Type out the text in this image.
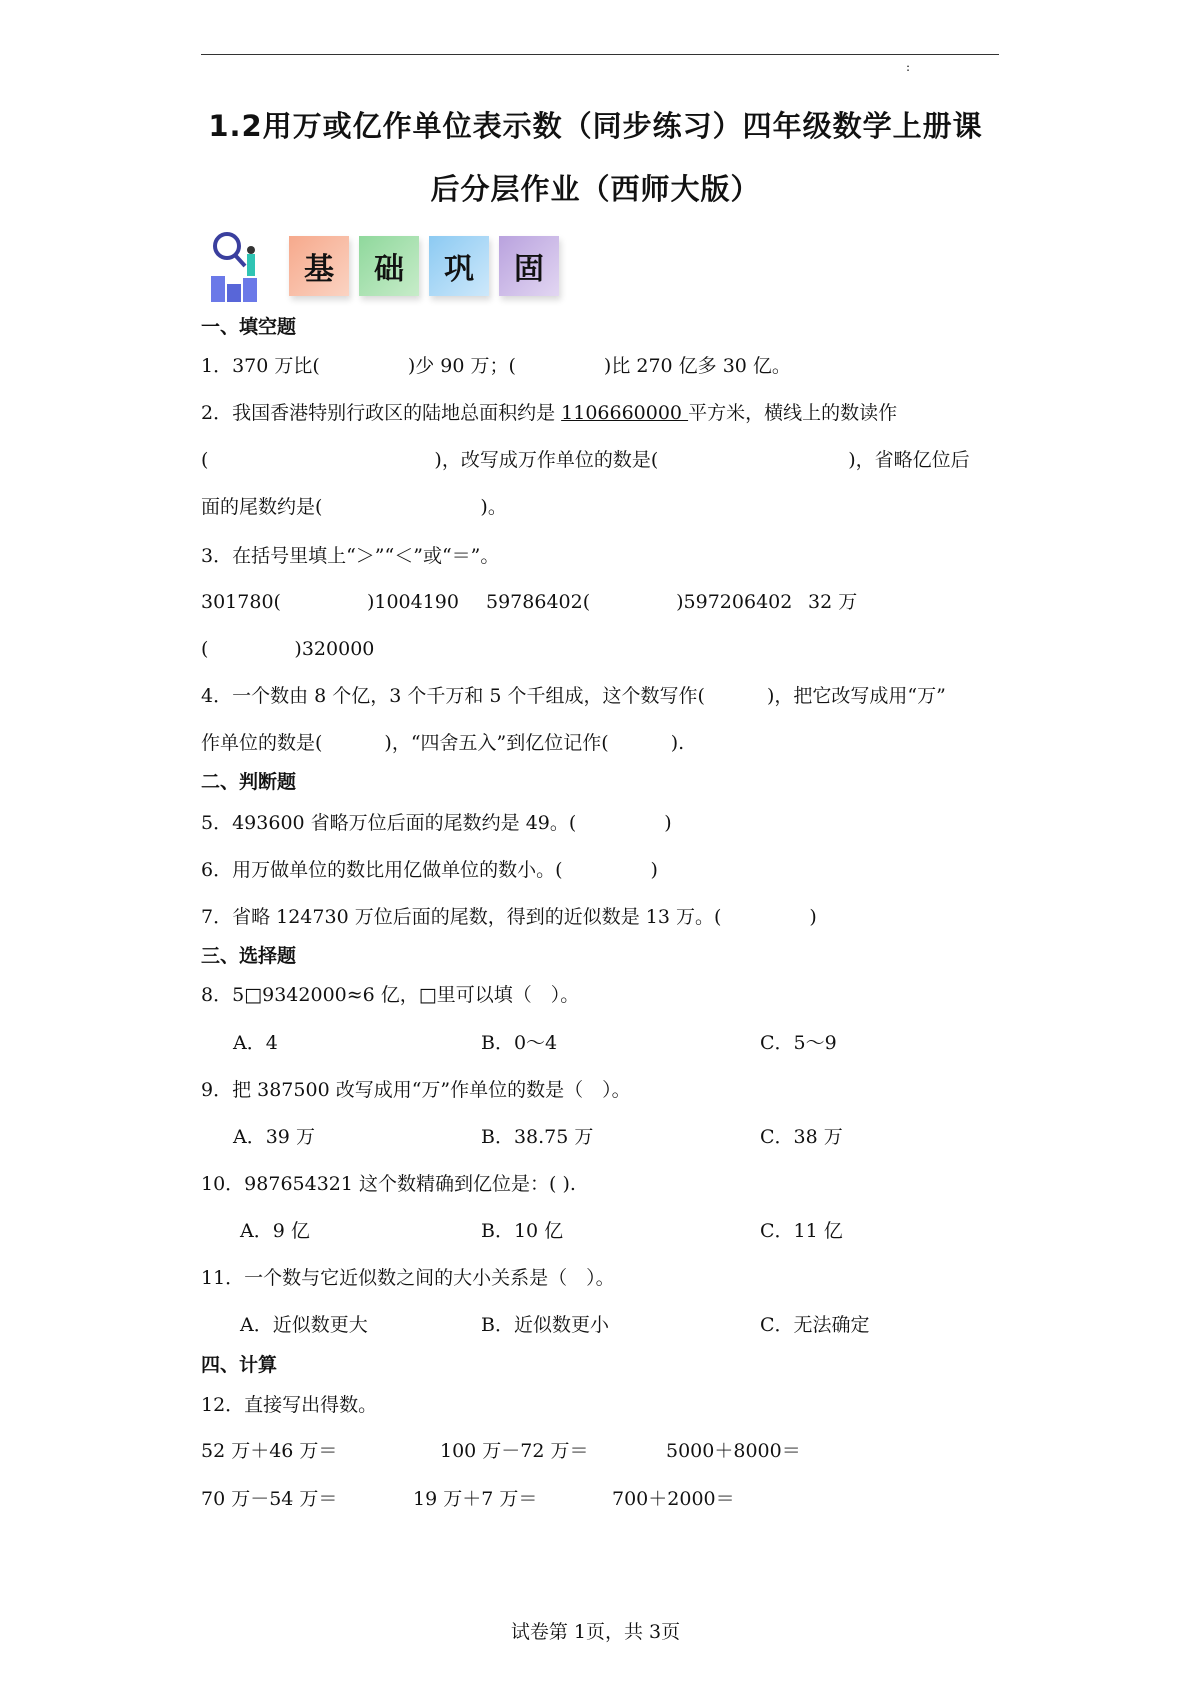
:
1.2用万或亿作单位表示数（同步练习）四年级数学上册课
后分层作业（西师大版）
基	础	巩	固
一、填空题
1．370 万比(	)少 90 万；(	)比 270 亿多 30 亿。
2．我国香港特别行政区的陆地总面积约是 1106660000 平方米，横线上的数读作
(	)，改写成万作单位的数是(	)，省略亿位后
面的尾数约是(	)。
3．在括号里填上“＞”“＜”或“＝”。
301780(	)1004190 59786402(	)597206402 32 万
(	)320000
4．一个数由 8 个亿，3 个千万和 5 个千组成，这个数写作(	)，把它改写成用“万”
作单位的数是(	)，“四舍五入”到亿位记作(	).
二、判断题
5．493600 省略万位后面的尾数约是 49。(	)
6．用万做单位的数比用亿做单位的数小。(	)
7．省略 124730 万位后面的尾数，得到的近似数是 13 万。(	)
三、选择题
8．5□9342000≈6 亿，□里可以填（　）。
A．4	B．0～4	C．5～9
9．把 387500 改写成用“万”作单位的数是（　）。
A．39 万	B．38.75 万	C．38 万
10．987654321 这个数精确到亿位是：( ).
A．9 亿	B．10 亿	C．11 亿
11．一个数与它近似数之间的大小关系是（　）。
A．近似数更大	B．近似数更小	C．无法确定
四、计算
12．直接写出得数。
52 万＋46 万＝	100 万－72 万＝	5000＋8000＝
70 万－54 万＝	19 万＋7 万＝	700＋2000＝
试卷第 1页，共 3页
